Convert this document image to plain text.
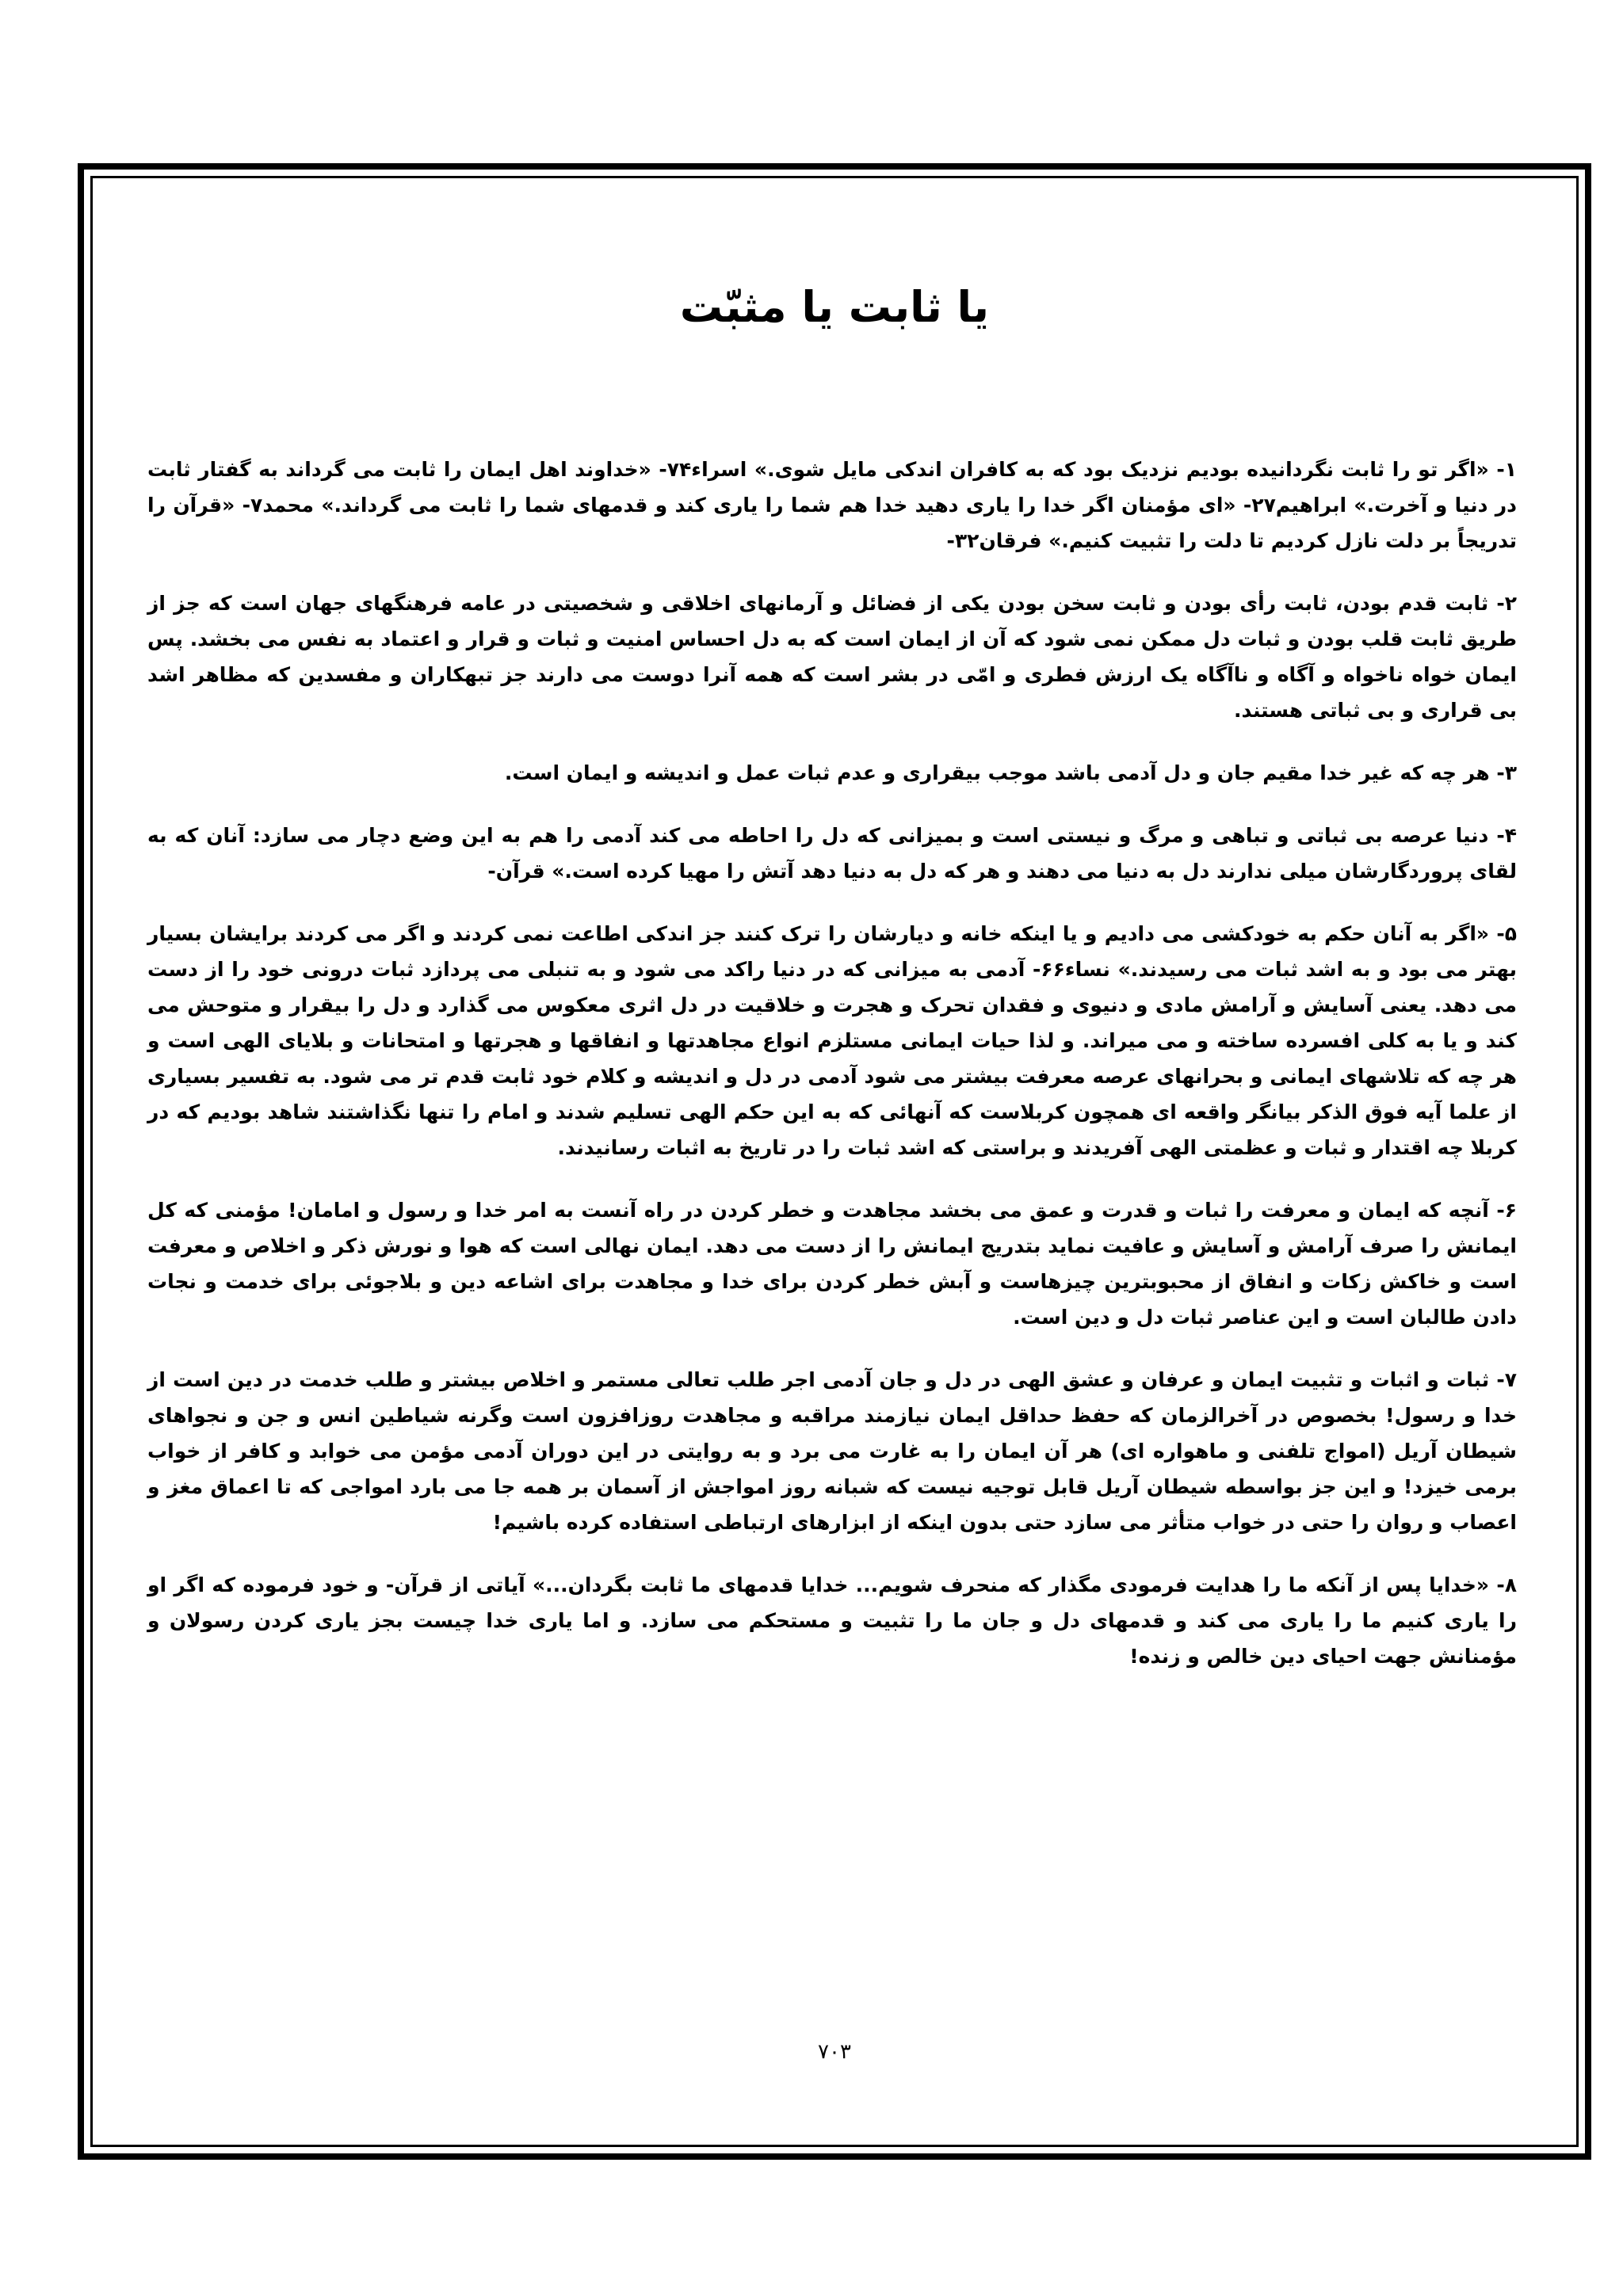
یا ثابت یا مثبّت

۱- «اگر تو را ثابت نگردانیده بودیم نزدیک بود که به کافران اندکی مایل شوی.» اسراء۷۴- «خداوند اهل ایمان را ثابت می گرداند به گفتار ثابت در دنیا و آخرت.» ابراهیم۲۷- «ای مؤمنان اگر خدا را یاری دهید خدا هم شما را یاری کند و قدمهای شما را ثابت می گرداند.» محمد۷- «قرآن را تدریجاً بر دلت نازل کردیم تا دلت را تثبیت کنیم.» فرقان۳۲-

۲- ثابت قدم بودن، ثابت رأی بودن و ثابت سخن بودن یکی از فضائل و آرمانهای اخلاقی و شخصیتی در عامه فرهنگهای جهان است که جز از طریق ثابت قلب بودن و ثبات دل ممکن نمی شود که آن از ایمان است که به دل احساس امنیت و ثبات و قرار و اعتماد به نفس می بخشد. پس ایمان خواه ناخواه و آگاه و ناآگاه یک ارزش فطری و امّی در بشر است که همه آنرا دوست می دارند جز تبهکاران و مفسدین که مظاهر اشد بی قراری و بی ثباتی هستند.

۳- هر چه که غیر خدا مقیم جان و دل آدمی باشد موجب بیقراری و عدم ثبات عمل و اندیشه و ایمان است.

۴- دنیا عرصه بی ثباتی و تباهی و مرگ و نیستی است و بمیزانی که دل را احاطه می کند آدمی را هم به این وضع دچار می سازد: آنان که به لقای پروردگارشان میلی ندارند دل به دنیا می دهند و هر که دل به دنیا دهد آتش را مهیا کرده است.» قرآن-

۵- «اگر به آنان حکم به خودکشی می دادیم و یا اینکه خانه و دیارشان را ترک کنند جز اندکی اطاعت نمی کردند و اگر می کردند برایشان بسیار بهتر می بود و به اشد ثبات می رسیدند.» نساء۶۶- آدمی به میزانی که در دنیا راکد می شود و به تنبلی می پردازد ثبات درونی خود را از دست می دهد. یعنی آسایش و آرامش مادی و دنیوی و فقدان تحرک و هجرت و خلاقیت در دل اثری معکوس می گذارد و دل را بیقرار و متوحش می کند و یا به کلی افسرده ساخته و می میراند. و لذا حیات ایمانی مستلزم انواع مجاهدتها و انفاقها و هجرتها و امتحانات و بلایای الهی است و هر چه که تلاشهای ایمانی و بحرانهای عرصه معرفت بیشتر می شود آدمی در دل و اندیشه و کلام خود ثابت قدم تر می شود. به تفسیر بسیاری از علما آیه فوق الذکر بیانگر واقعه ای همچون کربلاست که آنهائی که به این حکم الهی تسلیم شدند و امام را تنها نگذاشتند شاهد بودیم که در کربلا چه اقتدار و ثبات و عظمتی الهی آفریدند و براستی که اشد ثبات را در تاریخ به اثبات رسانیدند.

۶- آنچه که ایمان و معرفت را ثبات و قدرت و عمق می بخشد مجاهدت و خطر کردن در راه آنست به امر خدا و رسول و امامان! مؤمنی که کل ایمانش را صرف آرامش و آسایش و عافیت نماید بتدریج ایمانش را از دست می دهد. ایمان نهالی است که هوا و نورش ذکر و اخلاص و معرفت است و خاکش زکات و انفاق از محبوبترین چیزهاست و آبش خطر کردن برای خدا و مجاهدت برای اشاعه دین و بلاجوئی برای خدمت و نجات دادن طالبان است و این عناصر ثبات دل و دین است.

۷- ثبات و اثبات و تثبیت ایمان و عرفان و عشق الهی در دل و جان آدمی اجر طلب تعالی مستمر و اخلاص بیشتر و طلب خدمت در دین است از خدا و رسول! بخصوص در آخرالزمان که حفظ حداقل ایمان نیازمند مراقبه و مجاهدت روزافزون است وگرنه شیاطین انس و جن و نجواهای شیطان آریل (امواج تلفنی و ماهواره ای) هر آن ایمان را به غارت می برد و به روایتی در این دوران آدمی مؤمن می خوابد و کافر از خواب برمی خیزد! و این جز بواسطه شیطان آریل قابل توجیه نیست که شبانه روز امواجش از آسمان بر همه جا می بارد امواجی که تا اعماق مغز و اعصاب و روان را حتی در خواب متأثر می سازد حتی بدون اینکه از ابزارهای ارتباطی استفاده کرده باشیم!

۸- «خدایا پس از آنکه ما را هدایت فرمودی مگذار که منحرف شویم... خدایا قدمهای ما ثابت بگردان...» آیاتی از قرآن- و خود فرموده که اگر او را یاری کنیم ما را یاری می کند و قدمهای دل و جان ما را تثبیت و مستحکم می سازد. و اما یاری خدا چیست بجز یاری کردن رسولان و مؤمنانش جهت احیای دین خالص و زنده!

۷۰۳
